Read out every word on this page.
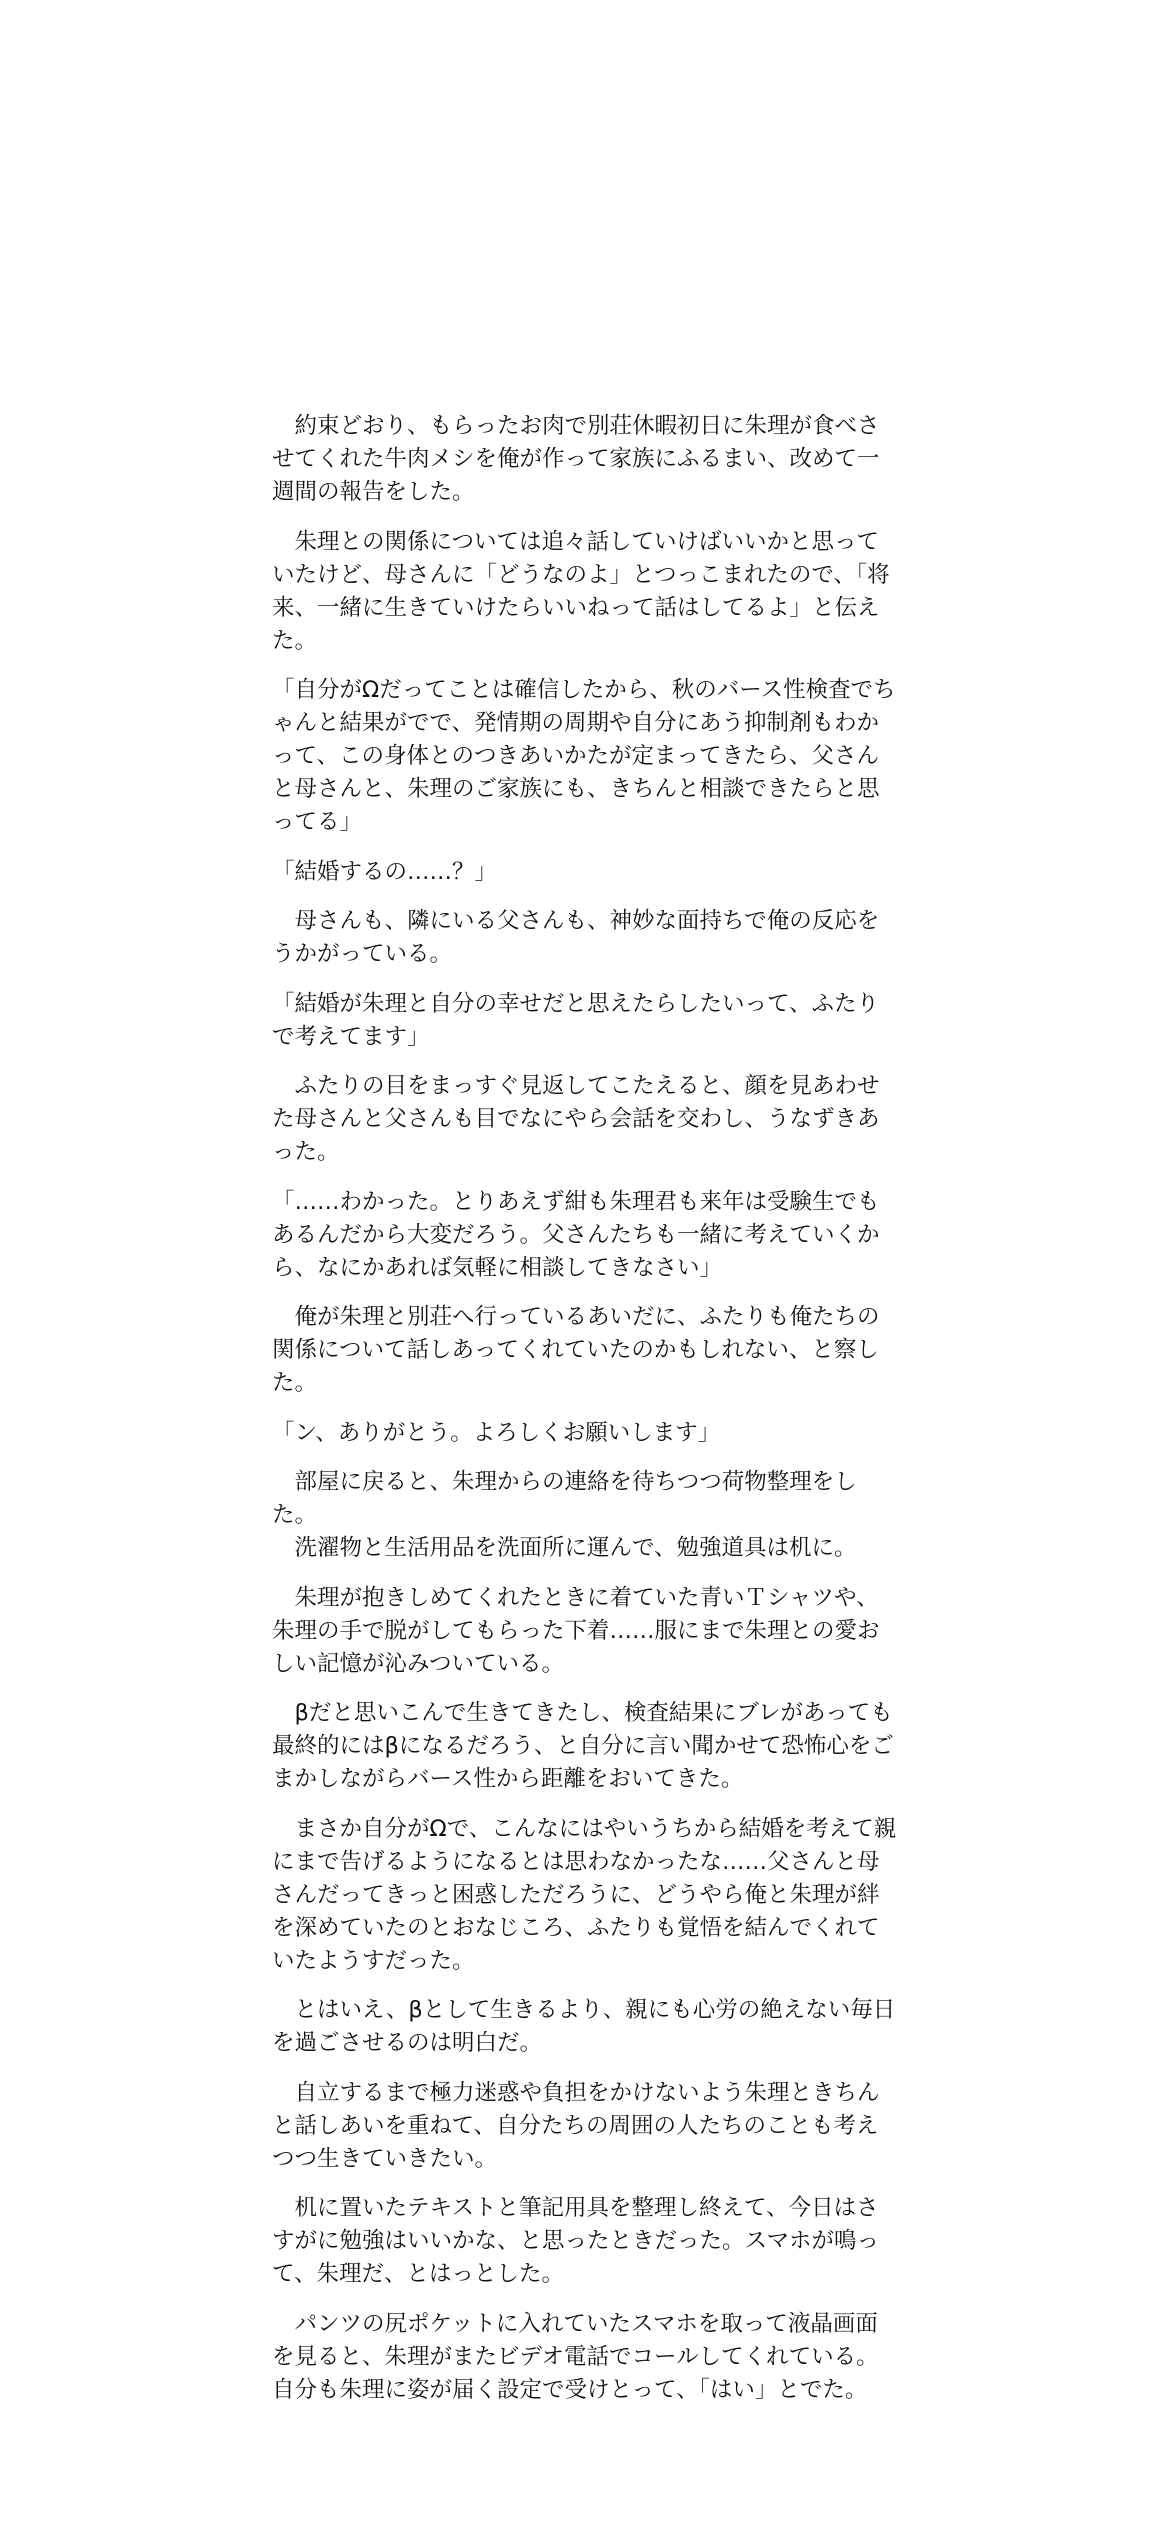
　約束どおり、もらったお肉で別荘休暇初日に朱理が食べさせてくれた牛肉メシを俺が作って家族にふるまい、改めて一週間の報告をした。

　朱理との関係については追々話していけばいいかと思っていたけど、母さんに「どうなのよ」とつっこまれたので、「将来、一緒に生きていけたらいいねって話はしてるよ」と伝えた。

「自分がΩだってことは確信したから、秋のバース性検査でちゃんと結果がでで、発情期の周期や自分にあう抑制剤もわかって、この身体とのつきあいかたが定まってきたら、父さんと母さんと、朱理のご家族にも、きちんと相談できたらと思ってる」

「結婚するの……？」

　母さんも、隣にいる父さんも、神妙な面持ちで俺の反応をうかがっている。

「結婚が朱理と自分の幸せだと思えたらしたいって、ふたりで考えてます」

　ふたりの目をまっすぐ見返してこたえると、顔を見あわせた母さんと父さんも目でなにやら会話を交わし、うなずきあった。

「……わかった。とりあえず紺も朱理君も来年は受験生でもあるんだから大変だろう。父さんたちも一緒に考えていくから、なにかあれば気軽に相談してきなさい」

　俺が朱理と別荘へ行っているあいだに、ふたりも俺たちの関係について話しあってくれていたのかもしれない、と察した。

「ン、ありがとう。よろしくお願いします」

　部屋に戻ると、朱理からの連絡を待ちつつ荷物整理をした。
　洗濯物と生活用品を洗面所に運んで、勉強道具は机に。

　朱理が抱きしめてくれたときに着ていた青いＴシャツや、朱理の手で脱がしてもらった下着……服にまで朱理との愛おしい記憶が沁みついている。

　βだと思いこんで生きてきたし、検査結果にブレがあっても最終的にはβになるだろう、と自分に言い聞かせて恐怖心をごまかしながらバース性から距離をおいてきた。

　まさか自分がΩで、こんなにはやいうちから結婚を考えて親にまで告げるようになるとは思わなかったな……父さんと母さんだってきっと困惑しただろうに、どうやら俺と朱理が絆を深めていたのとおなじころ、ふたりも覚悟を結んでくれていたようすだった。

　とはいえ、βとして生きるより、親にも心労の絶えない毎日を過ごさせるのは明白だ。

　自立するまで極力迷惑や負担をかけないよう朱理ときちんと話しあいを重ねて、自分たちの周囲の人たちのことも考えつつ生きていきたい。

　机に置いたテキストと筆記用具を整理し終えて、今日はさすがに勉強はいいかな、と思ったときだった。スマホが鳴って、朱理だ、とはっとした。

　パンツの尻ポケットに入れていたスマホを取って液晶画面を見ると、朱理がまたビデオ電話でコールしてくれている。自分も朱理に姿が届く設定で受けとって、「はい」とでた。
